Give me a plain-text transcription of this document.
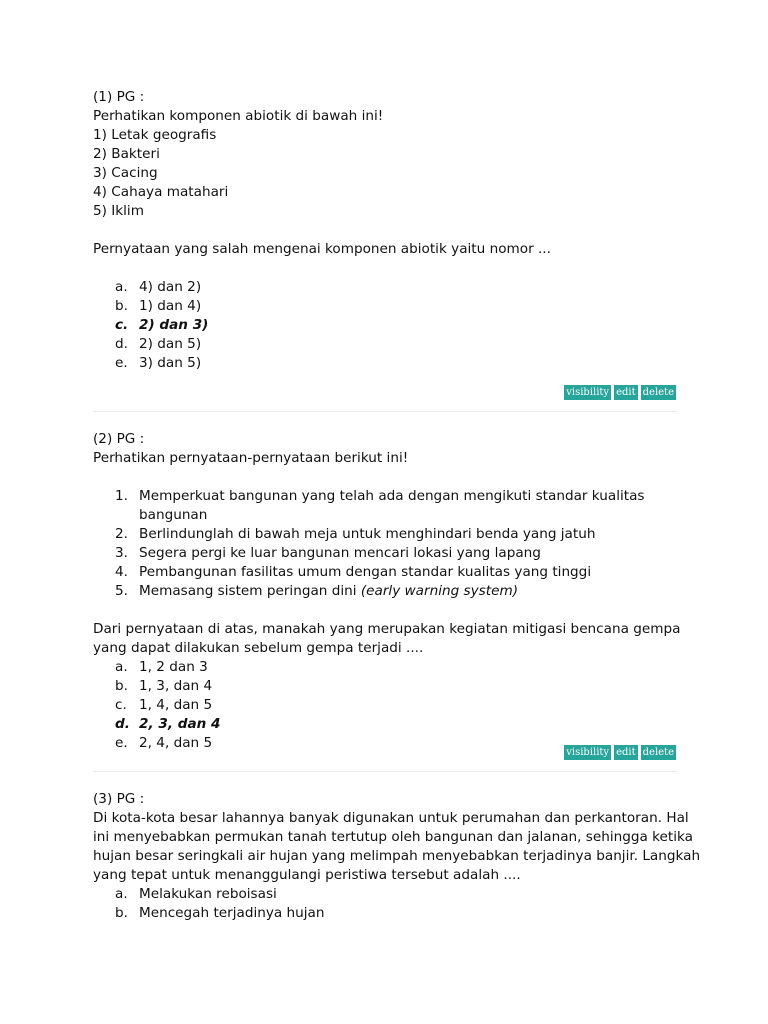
(1) PG :
Perhatikan komponen abiotik di bawah ini!
1) Letak geografis
2) Bakteri
3) Cacing
4) Cahaya matahari
5) Iklim
Pernyataan yang salah mengenai komponen abiotik yaitu nomor ...
a. 4) dan 2)
b. 1) dan 4)
c. 2) dan 3)
d. 2) dan 5)
e. 3) dan 5)
visibility edit delete
(2) PG :
Perhatikan pernyataan-pernyataan berikut ini!
1. Memperkuat bangunan yang telah ada dengan mengikuti standar kualitas bangunan
2. Berlindunglah di bawah meja untuk menghindari benda yang jatuh
3. Segera pergi ke luar bangunan mencari lokasi yang lapang
4. Pembangunan fasilitas umum dengan standar kualitas yang tinggi
5. Memasang sistem peringan dini (early warning system)
Dari pernyataan di atas, manakah yang merupakan kegiatan mitigasi bencana gempa
yang dapat dilakukan sebelum gempa terjadi ....
a. 1, 2 dan 3
b. 1, 3, dan 4
c. 1, 4, dan 5
d. 2, 3, dan 4
e. 2, 4, dan 5
visibility edit delete
(3) PG :
Di kota-kota besar lahannya banyak digunakan untuk perumahan dan perkantoran. Hal
ini menyebabkan permukan tanah tertutup oleh bangunan dan jalanan, sehingga ketika
hujan besar seringkali air hujan yang melimpah menyebabkan terjadinya banjir. Langkah
yang tepat untuk menanggulangi peristiwa tersebut adalah ....
a. Melakukan reboisasi
b. Mencegah terjadinya hujan
